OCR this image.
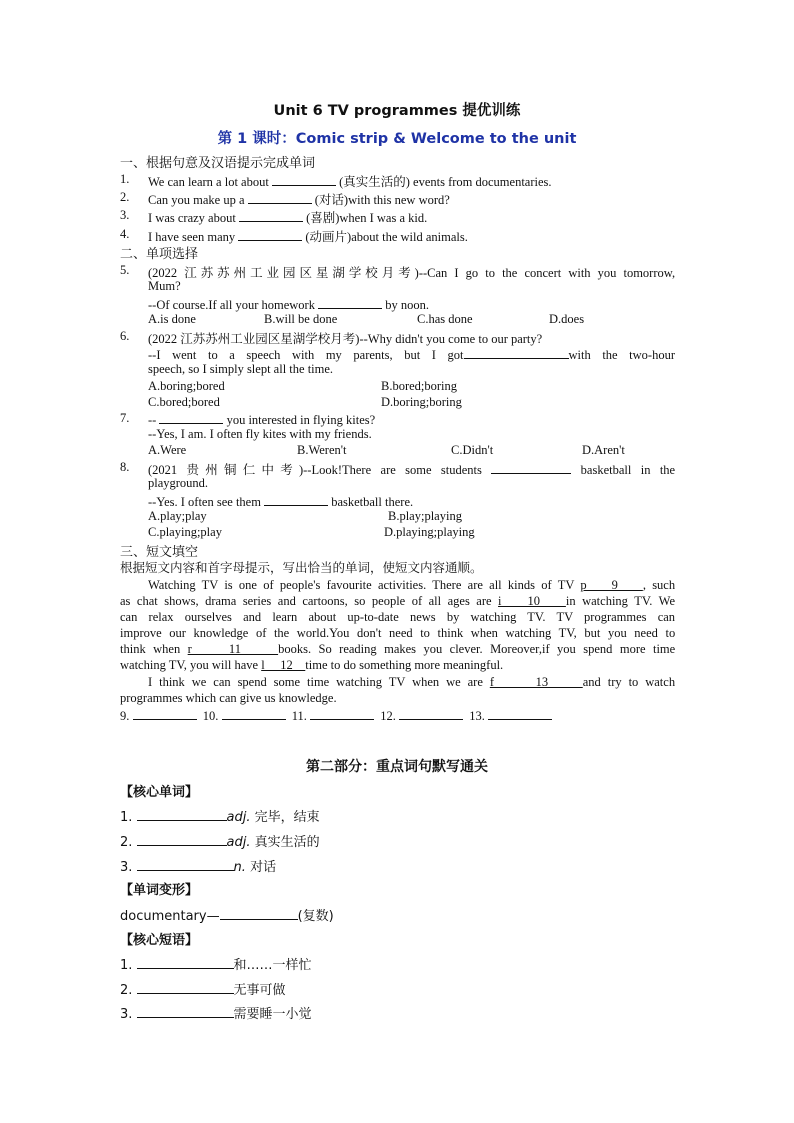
Unit 6 TV programmes 提优训练
第 1 课时：Comic strip & Welcome to the unit
一、根据句意及汉语提示完成单词
1. We can learn a lot about	(真实生活的) events from documentaries.
2. Can you make up a	(对话)with this new word?
3. I was crazy about	(喜剧)when I was a kid.
4. I have seen many	(动画片)about the wild animals.
二、单项选择
5. (2022 江苏苏州工业园区星湖学校月考)--Can I go to the concert with you tomorrow,
Mum?
--Of course.If all your homework	by noon.
A.is done	B.will be done	C.has done	D.does
6. (2022 江苏苏州工业园区星湖学校月考)--Why didn't you come to our party?
--I went to a speech with my parents, but I got	with the two-hour
speech, so I simply slept all the time.
A.boring;bored	B.bored;boring
C.bored;bored	D.boring;boring
7. --	you interested in flying kites?
--Yes, I am. I often fly kites with my friends.
A.Were	B.Weren't	C.Didn't	D.Aren't
8. (2021 贵州铜仁中考)--Look!There are some students	basketball in the
playground.
--Yes. I often see them	basketball there.
A.play;play	B.play;playing
C.playing;play	D.playing;playing
三、短文填空
根据短文内容和首字母提示，写出恰当的单词，使短文内容通顺。
Watching TV is one of people's favourite activities. There are all kinds of TV p    9    , such
as chat shows, drama series and cartoons, so people of all ages are i    10    in watching TV. We
can relax ourselves and learn about up-to-date news by watching TV. TV programmes can
improve our knowledge of the world.You don't need to think when watching TV, but you need to
think when r     11     books. So reading makes you clever. Moreover,if you spend more time
watching TV, you will have l     12    time to do something more meaningful.
I think we can spend some time watching TV when we are f      13     and try to watch
programmes which can give us knowledge.
9.	10.	11.	12.	13.
第二部分：重点词句默写通关
【核心单词】
1.	adj. 完毕，结束
2.	adj. 真实生活的
3.	n. 对话
【单词变形】
documentary—	(复数)
【核心短语】
1.	和……一样忙
2.	无事可做
3.	需要睡一小觉
